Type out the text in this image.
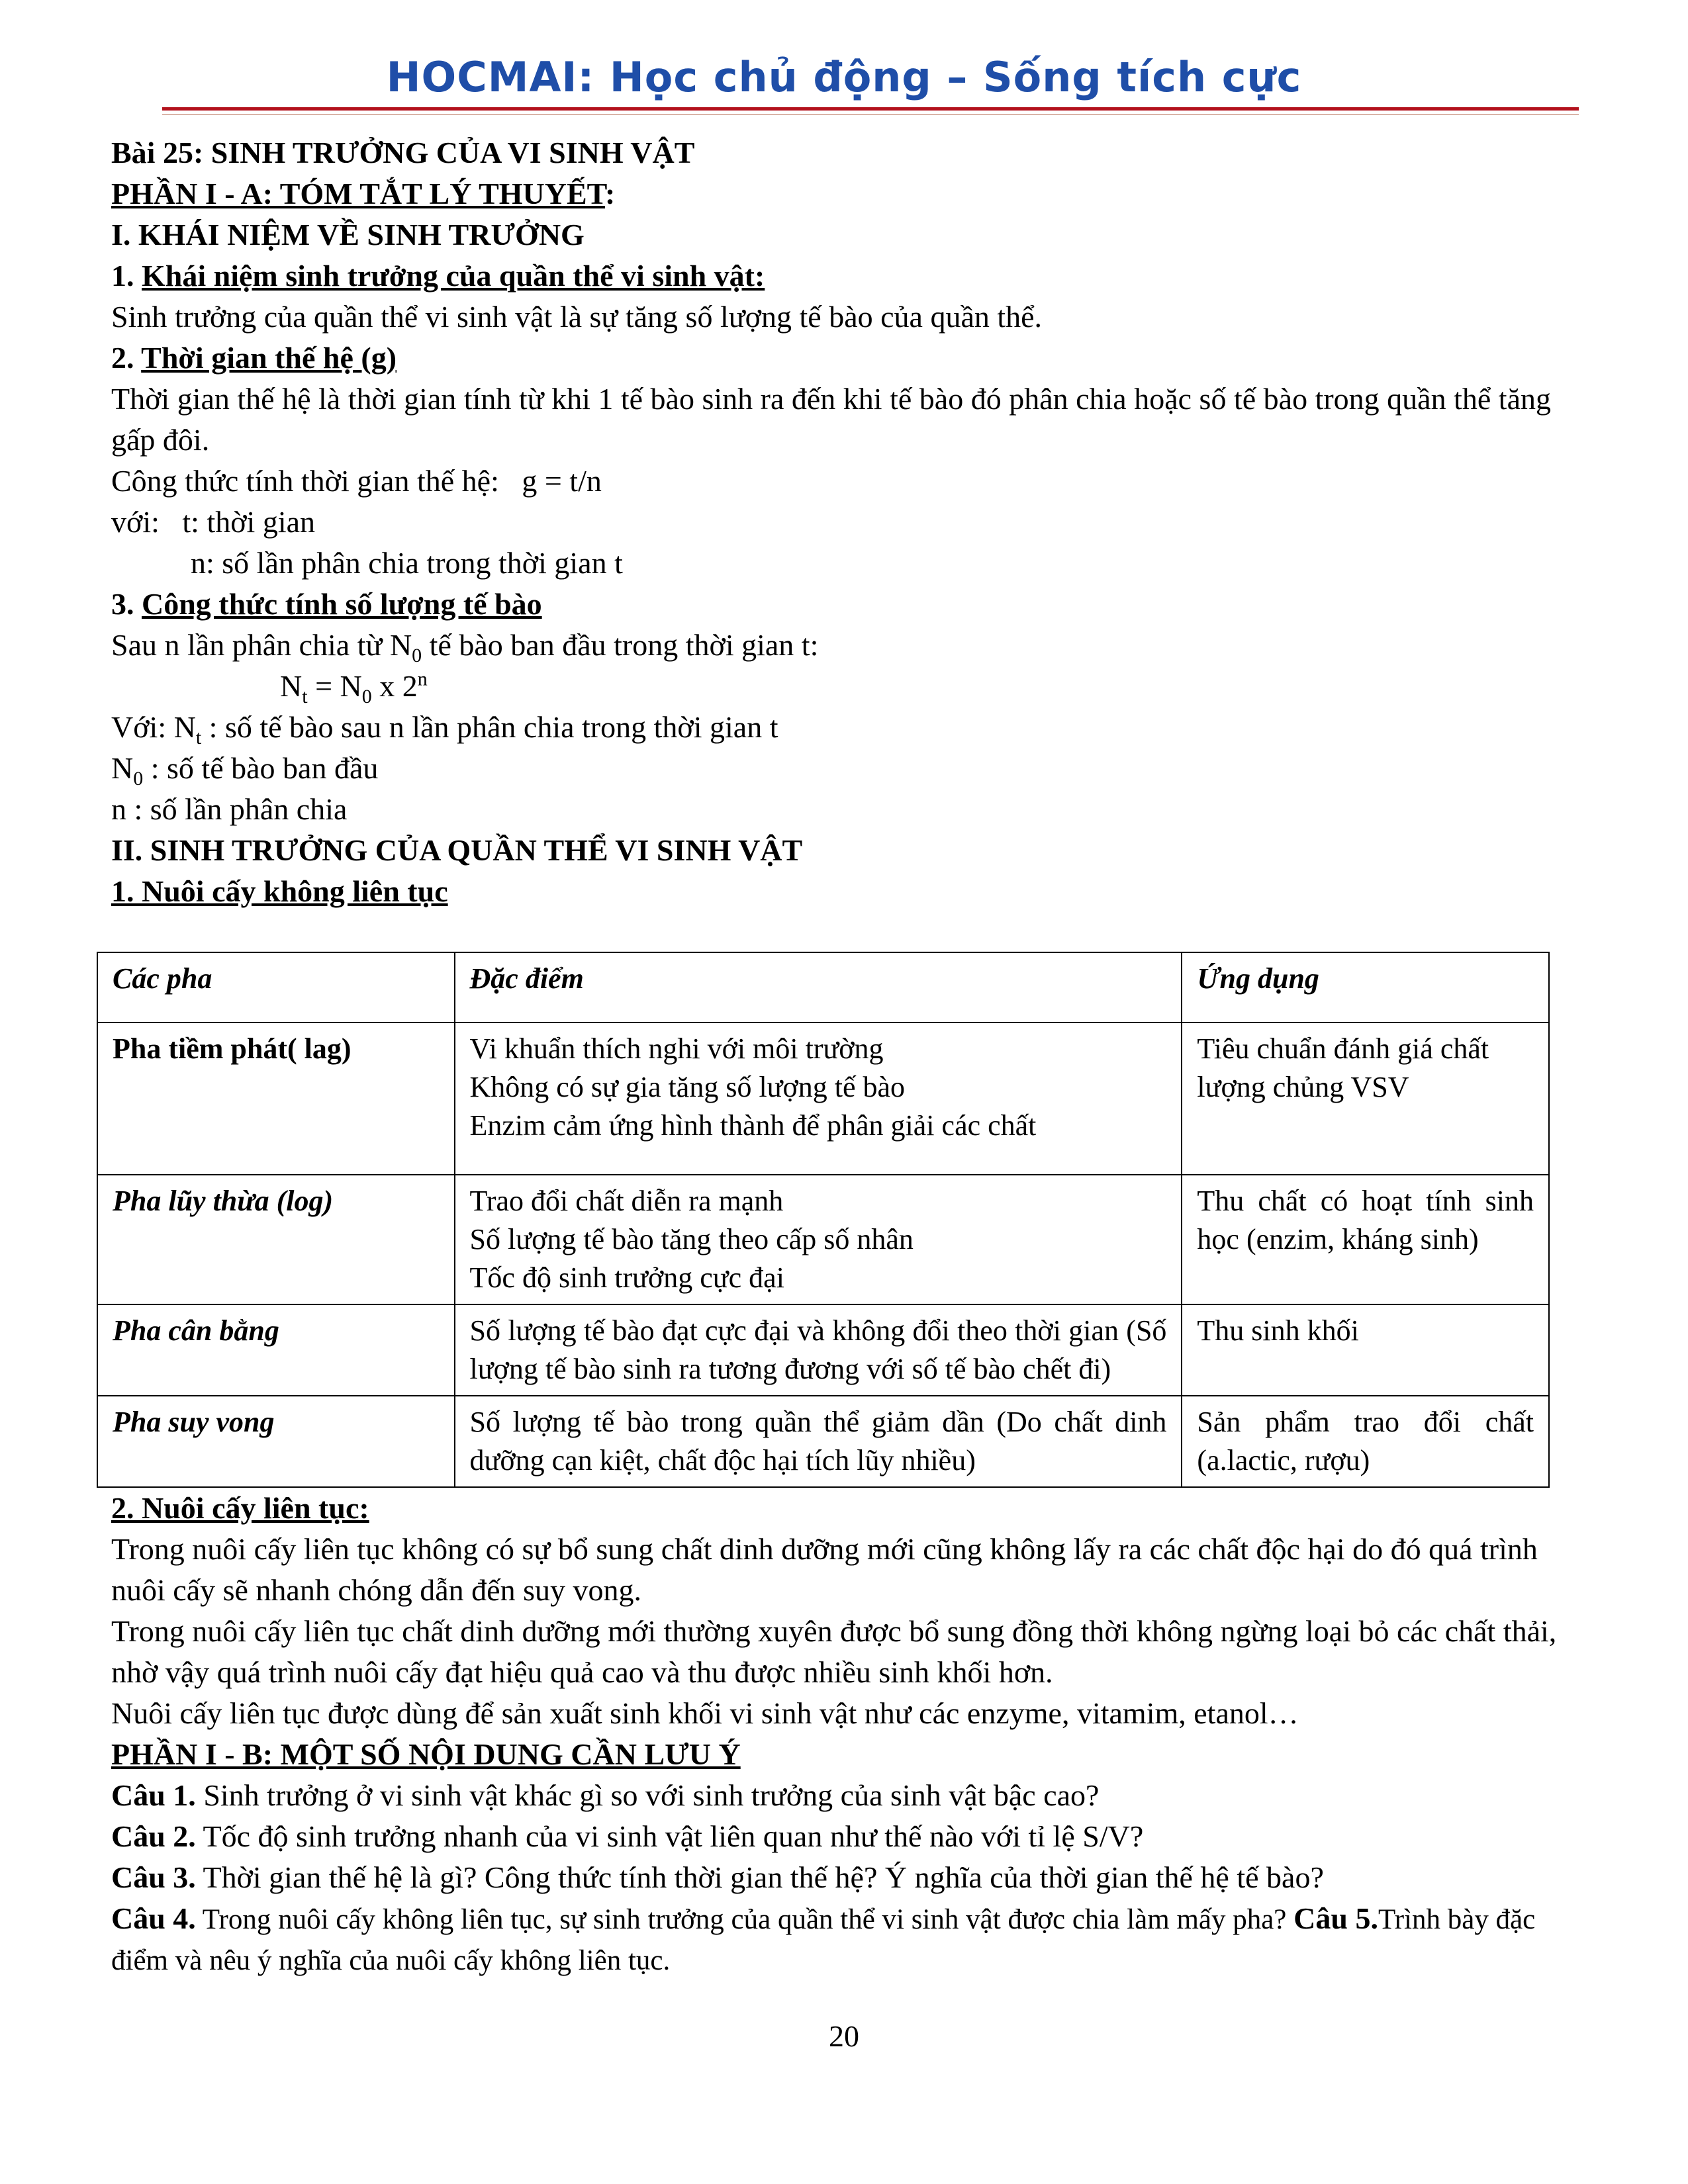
HOCMAI: Học chủ động – Sống tích cực

Bài 25: SINH TRƯỞNG CỦA VI SINH VẬT

PHẦN I - A: TÓM TẮT LÝ THUYẾT:

I. KHÁI NIỆM VỀ SINH TRƯỞNG

1. Khái niệm sinh trưởng của quần thể vi sinh vật:

Sinh trưởng của quần thể vi sinh vật là sự tăng số lượng tế bào của quần thể.

2. Thời gian thế hệ (g)

Thời gian thế hệ là thời gian tính từ khi 1 tế bào sinh ra đến khi tế bào đó phân chia hoặc số tế bào trong quần thể tăng gấp đôi.

Công thức tính thời gian thế hệ:   g = t/n

với:   t: thời gian

n: số lần phân chia trong thời gian t

3. Công thức tính số lượng tế bào

Sau n lần phân chia từ $N_0$ tế bào ban đầu trong thời gian t:

$N_t = N_0$ x 2$^n$

Với: $N_t$ : số tế bào sau n lần phân chia trong thời gian t

$N_0$ : số tế bào ban đầu

n : số lần phân chia

II. SINH TRƯỞNG CỦA QUẦN THỂ VI SINH VẬT

1. Nuôi cấy không liên tục

Các pha	Đặc điểm	Ứng dụng
Pha tiềm phát( lag)	Vi khuẩn thích nghi với môi trường
Không có sự gia tăng số lượng tế bào
Enzim cảm ứng hình thành để phân giải các chất	Tiêu chuẩn đánh giá chất lượng chủng VSV
Pha lũy thừa (log)	Trao đổi chất diễn ra mạnh
Số lượng tế bào tăng theo cấp số nhân
Tốc độ sinh trưởng cực đại	Thu chất có hoạt tính sinh học (enzim, kháng sinh)
Pha cân bằng	Số lượng tế bào đạt cực đại và không đổi theo thời gian (Số lượng tế bào sinh ra tương đương với số tế bào chết đi)	Thu sinh khối
Pha suy vong	Số lượng tế bào trong quần thể giảm dần (Do chất dinh dưỡng cạn kiệt, chất độc hại tích lũy nhiều)	Sản phẩm trao đổi chất (a.lactic, rượu)

2. Nuôi cấy liên tục:

Trong nuôi cấy liên tục không có sự bổ sung chất dinh dưỡng mới cũng không lấy ra các chất độc hại do đó quá trình nuôi cấy sẽ nhanh chóng dẫn đến suy vong.

Trong nuôi cấy liên tục chất dinh dưỡng mới thường xuyên được bổ sung đồng thời không ngừng loại bỏ các chất thải, nhờ vậy quá trình nuôi cấy đạt hiệu quả cao và thu được nhiều sinh khối hơn.

Nuôi cấy liên tục được dùng để sản xuất sinh khối vi sinh vật như các enzyme, vitamim, etanol…

PHẦN I - B: MỘT SỐ NỘI DUNG CẦN LƯU Ý

Câu 1. Sinh trưởng ở vi sinh vật khác gì so với sinh trưởng của sinh vật bậc cao?

Câu 2. Tốc độ sinh trưởng nhanh của vi sinh vật liên quan như thế nào với tỉ lệ S/V?

Câu 3. Thời gian thế hệ là gì? Công thức tính thời gian thế hệ? Ý nghĩa của thời gian thế hệ tế bào?

Câu 4. Trong nuôi cấy không liên tục, sự sinh trưởng của quần thể vi sinh vật được chia làm mấy pha? Câu 5.Trình bày đặc điểm và nêu ý nghĩa của nuôi cấy không liên tục.

20
